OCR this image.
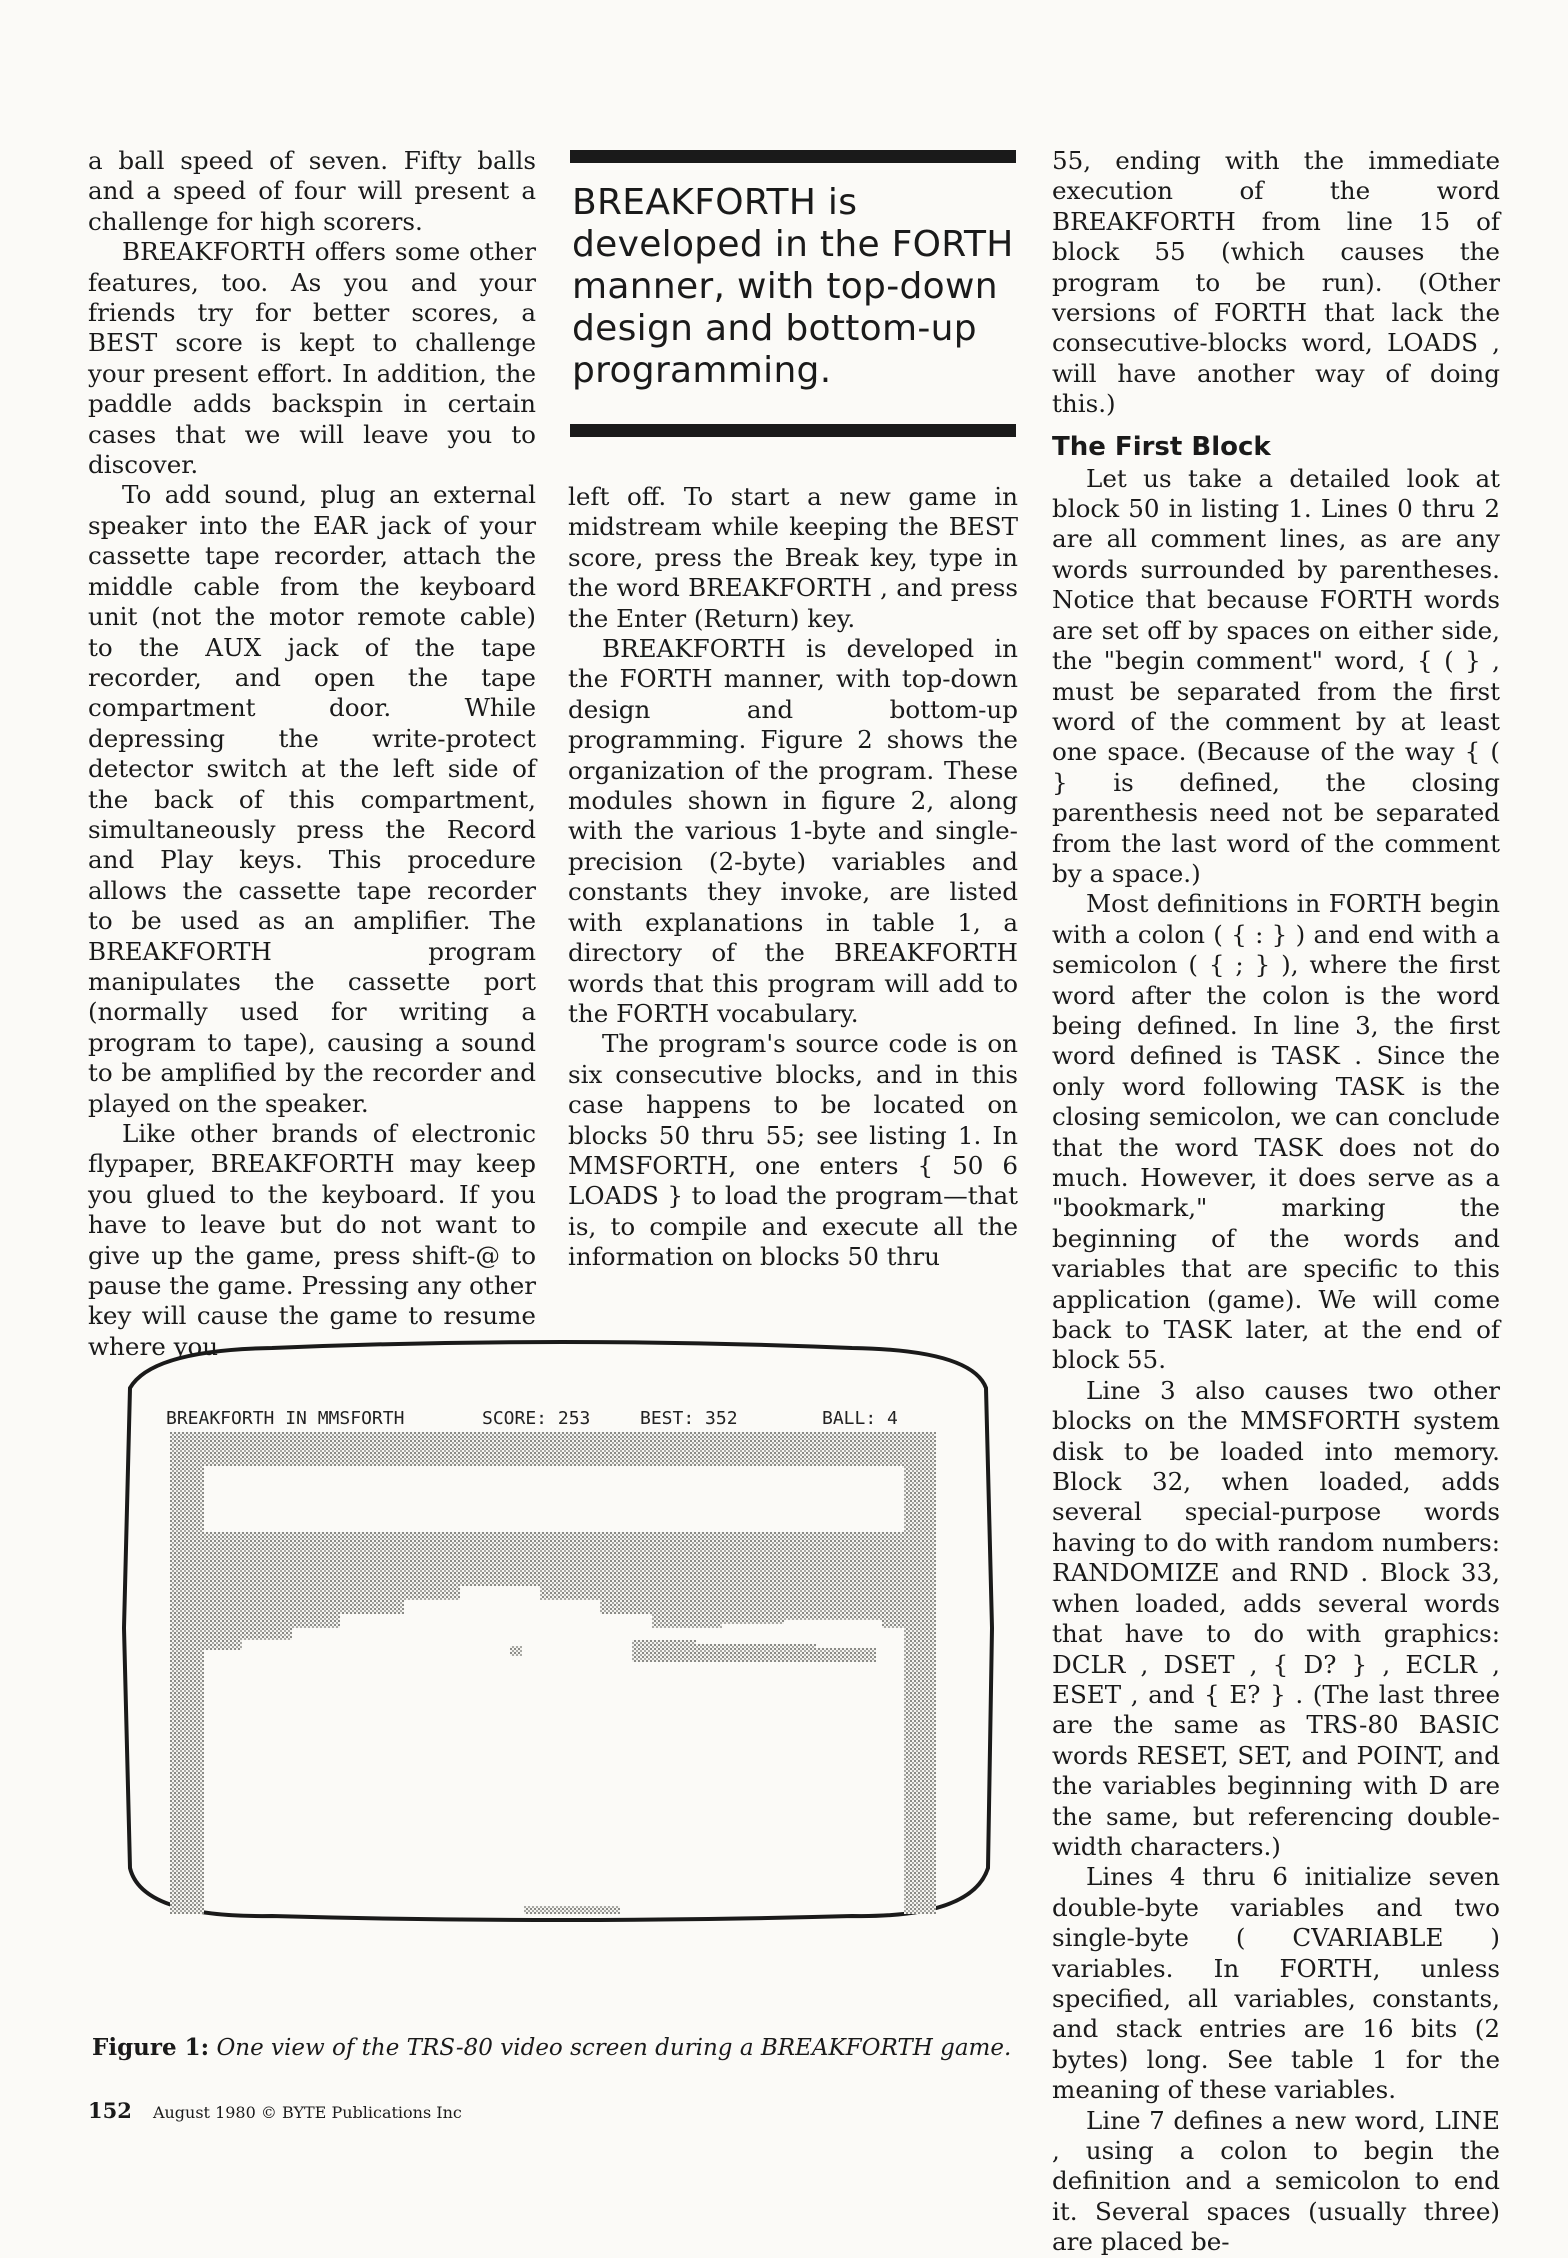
a ball speed of seven. Fifty balls and a speed of four will present a challenge for high scorers.

BREAKFORTH offers some other features, too. As you and your friends try for better scores, a BEST score is kept to challenge your present effort. In addition, the paddle adds backspin in certain cases that we will leave you to discover.

To add sound, plug an external speaker into the EAR jack of your cassette tape recorder, attach the middle cable from the keyboard unit (not the motor remote cable) to the AUX jack of the tape recorder, and open the tape compartment door. While depressing the write-protect detector switch at the left side of the back of this compartment, simultaneously press the Record and Play keys. This procedure allows the cassette tape recorder to be used as an amplifier. The BREAKFORTH program manipulates the cassette port (normally used for writing a program to tape), causing a sound to be amplified by the recorder and played on the speaker.

Like other brands of electronic flypaper, BREAKFORTH may keep you glued to the keyboard. If you have to leave but do not want to give up the game, press shift-@ to pause the game. Pressing any other key will cause the game to resume where you

BREAKFORTH is developed in the FORTH manner, with top-down design and bottom-up programming.

left off. To start a new game in midstream while keeping the BEST score, press the Break key, type in the word BREAKFORTH , and press the Enter (Return) key.

BREAKFORTH is developed in the FORTH manner, with top-down design and bottom-up programming. Figure 2 shows the organization of the program. These modules shown in figure 2, along with the various 1-byte and single-precision (2-byte) variables and constants they invoke, are listed with explanations in table 1, a directory of the BREAKFORTH words that this program will add to the FORTH vocabulary.

The program's source code is on six consecutive blocks, and in this case happens to be located on blocks 50 thru 55; see listing 1. In MMSFORTH, one enters { 50 6 LOADS } to load the program—that is, to compile and execute all the information on blocks 50 thru

55, ending with the immediate execution of the word BREAKFORTH from line 15 of block 55 (which causes the program to be run). (Other versions of FORTH that lack the consecutive-blocks word, LOADS , will have another way of doing this.)

The First Block

Let us take a detailed look at block 50 in listing 1. Lines 0 thru 2 are all comment lines, as are any words surrounded by parentheses. Notice that because FORTH words are set off by spaces on either side, the "begin comment" word, { ( } , must be separated from the first word of the comment by at least one space. (Because of the way { ( } is defined, the closing parenthesis need not be separated from the last word of the comment by a space.)

Most definitions in FORTH begin with a colon ( { : } ) and end with a semicolon ( { ; } ), where the first word after the colon is the word being defined. In line 3, the first word defined is TASK . Since the only word following TASK is the closing semicolon, we can conclude that the word TASK does not do much. However, it does serve as a "bookmark," marking the beginning of the words and variables that are specific to this application (game). We will come back to TASK later, at the end of block 55.

Line 3 also causes two other blocks on the MMSFORTH system disk to be loaded into memory. Block 32, when loaded, adds several special-purpose words having to do with random numbers: RANDOMIZE and RND . Block 33, when loaded, adds several words that have to do with graphics: DCLR , DSET , { D? } , ECLR , ESET , and { E? } . (The last three are the same as TRS-80 BASIC words RESET, SET, and POINT, and the variables beginning with D are the same, but referencing double-width characters.)

Lines 4 thru 6 initialize seven double-byte variables and two single-byte ( CVARIABLE ) variables. In FORTH, unless specified, all variables, constants, and stack entries are 16 bits (2 bytes) long. See table 1 for the meaning of these variables.

Line 7 defines a new word, LINE , using a colon to begin the definition and a semicolon to end it. Several spaces (usually three) are placed be-

BREAKFORTH IN MMSFORTH	SCORE: 253	BEST: 352	BALL: 4
Figure 1: One view of the TRS-80 video screen during a BREAKFORTH game.
152 August 1980 © BYTE Publications Inc
